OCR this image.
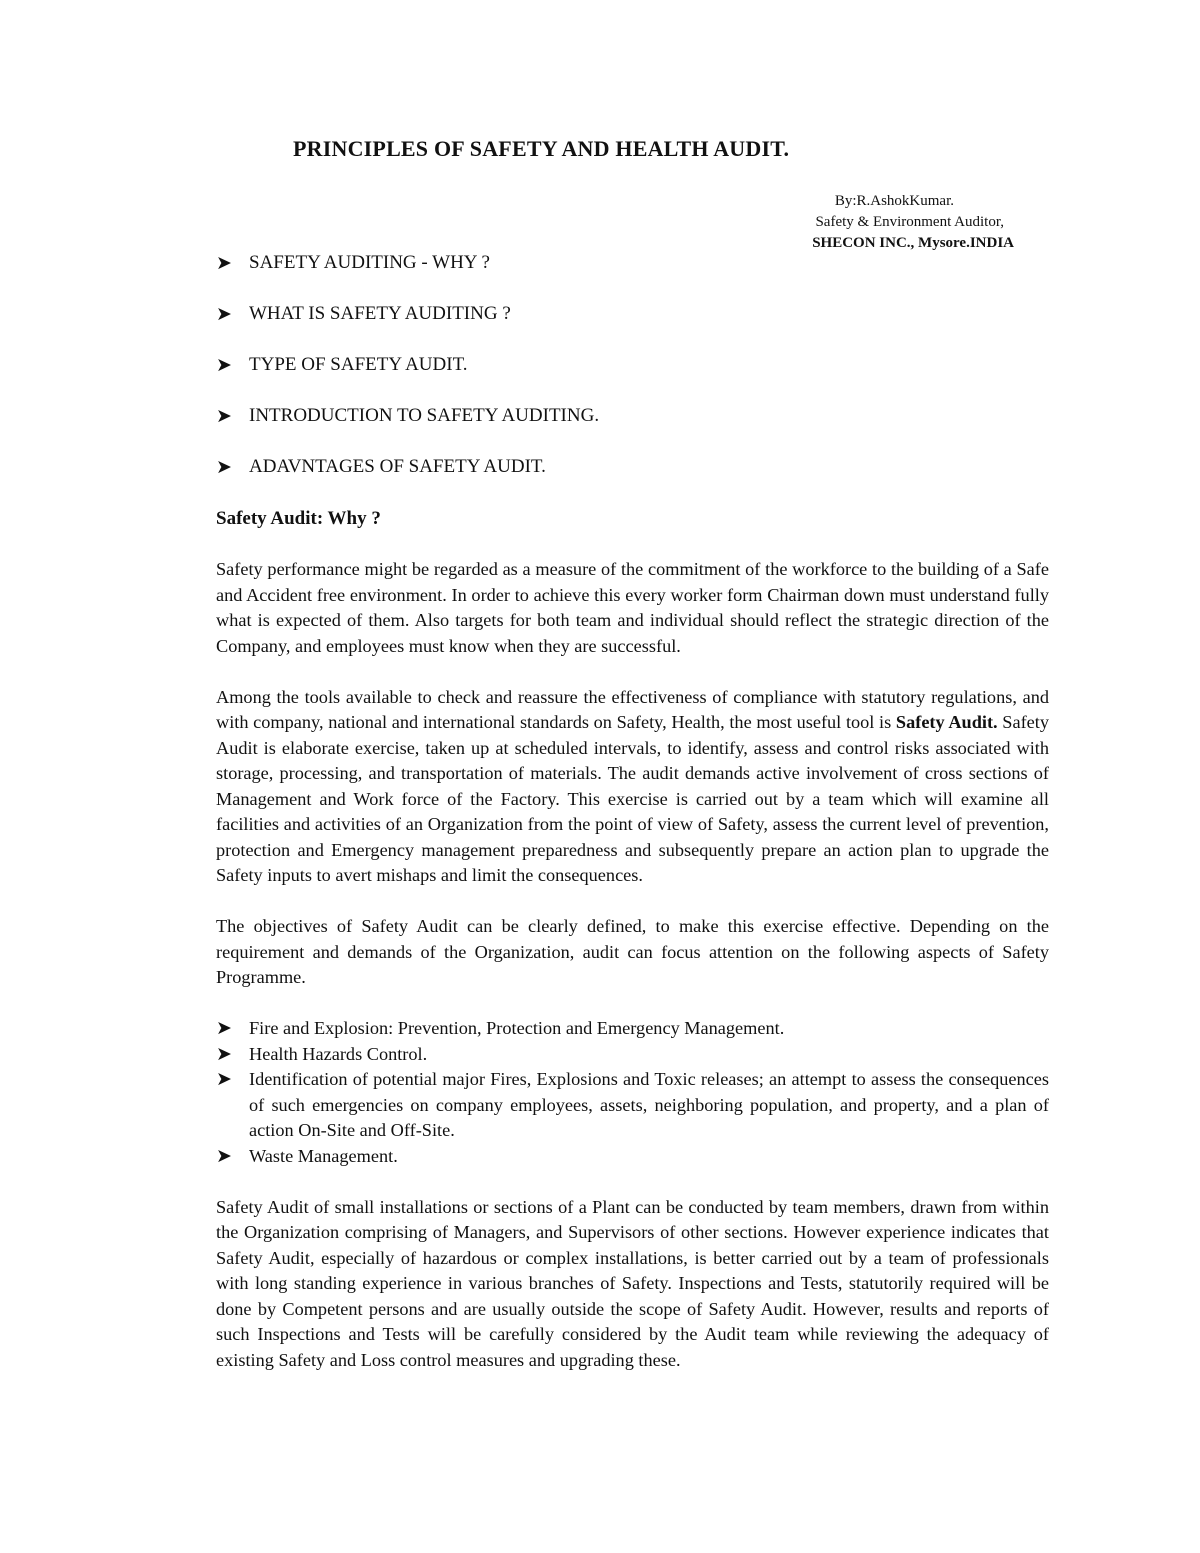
PRINCIPLES OF SAFETY AND HEALTH AUDIT.
By:R.AshokKumar.
Safety & Environment Auditor,
SHECON INC., Mysore.INDIA
➤ SAFETY AUDITING - WHY ?
➤ WHAT IS SAFETY AUDITING ?
➤ TYPE OF SAFETY AUDIT.
➤ INTRODUCTION TO SAFETY AUDITING.
➤ ADAVNTAGES OF SAFETY AUDIT.
Safety Audit: Why ?

Safety performance might be regarded as a measure of the commitment of the workforce to the building of a Safe and Accident free environment. In order to achieve this every worker form Chairman down must understand fully what is expected of them. Also targets for both team and individual should reflect the strategic direction of the Company, and employees must know when they are successful.

Among the tools available to check and reassure the effectiveness of compliance with statutory regulations, and with company, national and international standards on Safety, Health, the most useful tool is Safety Audit. Safety Audit is elaborate exercise, taken up at scheduled intervals, to identify, assess and control risks associated with storage, processing, and transportation of materials. The audit demands active involvement of cross sections of Management and Work force of the Factory. This exercise is carried out by a team which will examine all facilities and activities of an Organization from the point of view of Safety, assess the current level of prevention, protection and Emergency management preparedness and subsequently prepare an action plan to upgrade the Safety inputs to avert mishaps and limit the consequences.

The objectives of Safety Audit can be clearly defined, to make this exercise effective. Depending on the requirement and demands of the Organization, audit can focus attention on the following aspects of Safety Programme.

➤ Fire and Explosion: Prevention, Protection and Emergency Management.
➤ Health Hazards Control.
➤ Identification of potential major Fires, Explosions and Toxic releases; an attempt to assess the consequences of such emergencies on company employees, assets, neighboring population, and property, and a plan of action On-Site and Off-Site.
➤ Waste Management.

Safety Audit of small installations or sections of a Plant can be conducted by team members, drawn from within the Organization comprising of Managers, and Supervisors of other sections. However experience indicates that Safety Audit, especially of hazardous or complex installations, is better carried out by a team of professionals with long standing experience in various branches of Safety. Inspections and Tests, statutorily required will be done by Competent persons and are usually outside the scope of Safety Audit. However, results and reports of such Inspections and Tests will be carefully considered by the Audit team while reviewing the adequacy of existing Safety and Loss control measures and upgrading these.
